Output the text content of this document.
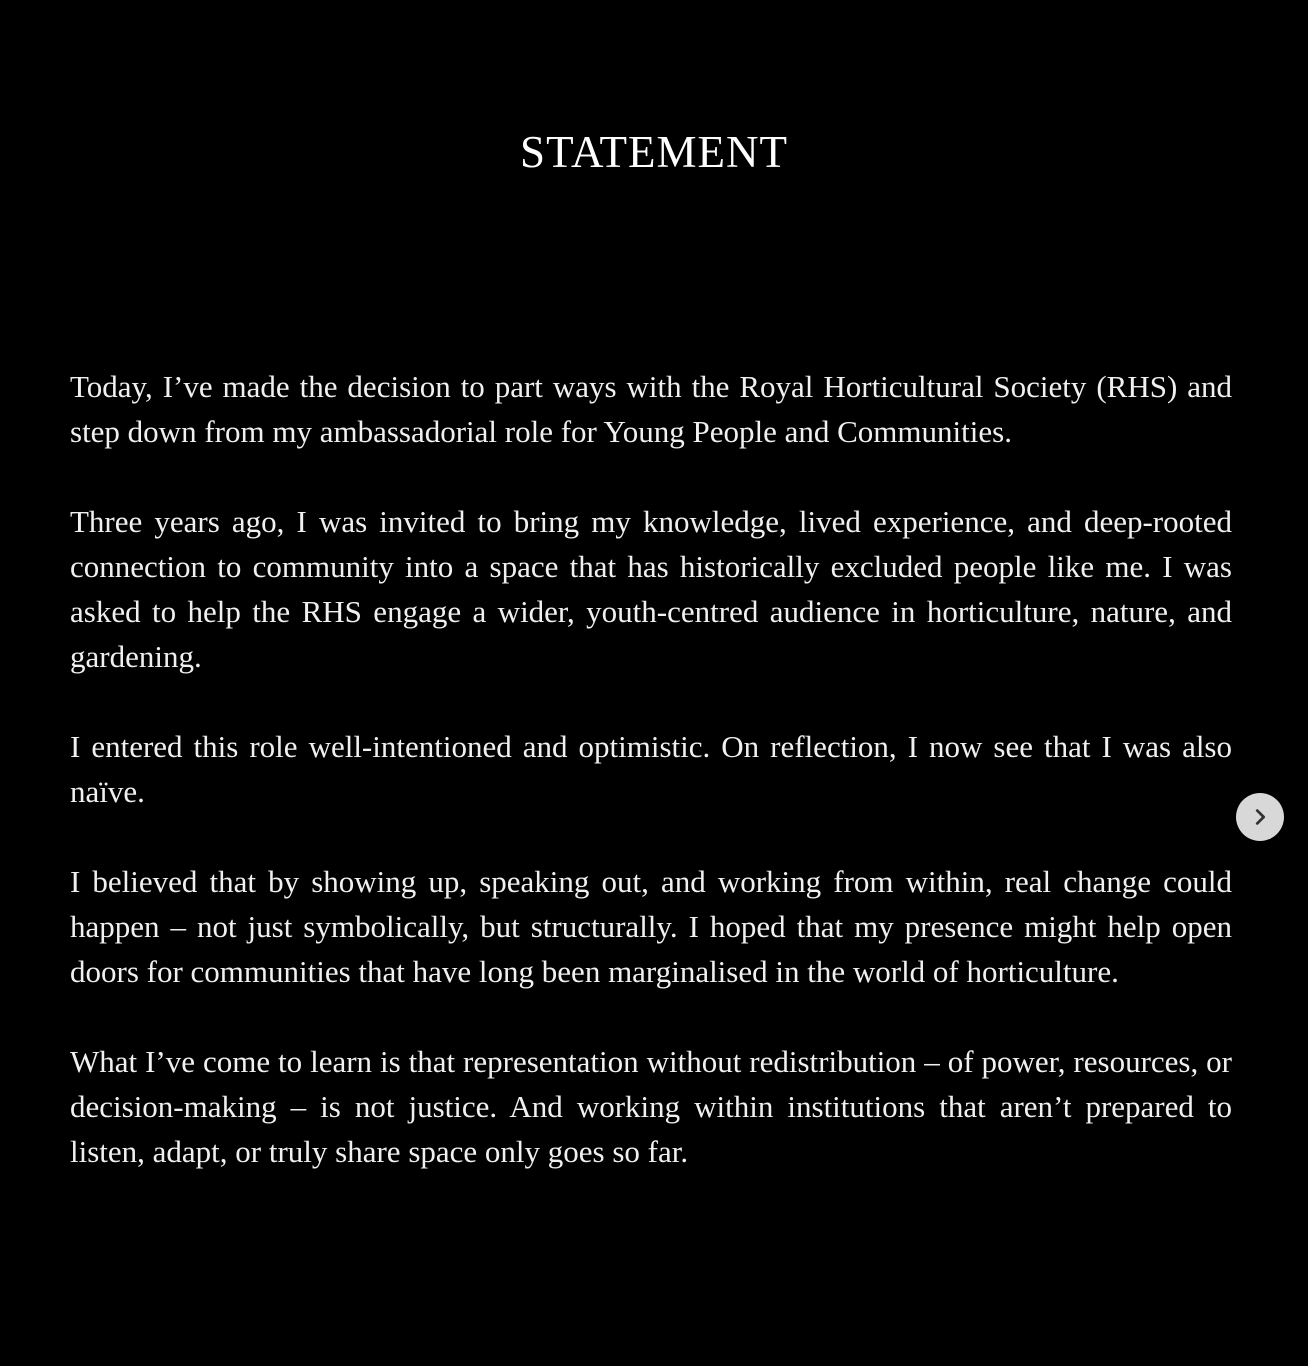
STATEMENT

Today, I’ve made the decision to part ways with the Royal Horticultural Society (RHS) and step down from my ambassadorial role for Young People and Communities.

Three years ago, I was invited to bring my knowledge, lived experience, and deep-rooted connection to community into a space that has historically excluded people like me. I was asked to help the RHS engage a wider, youth-centred audience in horticulture, nature, and gardening.

I entered this role well-intentioned and optimistic. On reflection, I now see that I was also naïve.

I believed that by showing up, speaking out, and working from within, real change could happen – not just symbolically, but structurally. I hoped that my presence might help open doors for communities that have long been marginalised in the world of horticulture.

What I’ve come to learn is that representation without redistribution – of power, resources, or decision-making – is not justice. And working within institutions that aren’t prepared to listen, adapt, or truly share space only goes so far.
